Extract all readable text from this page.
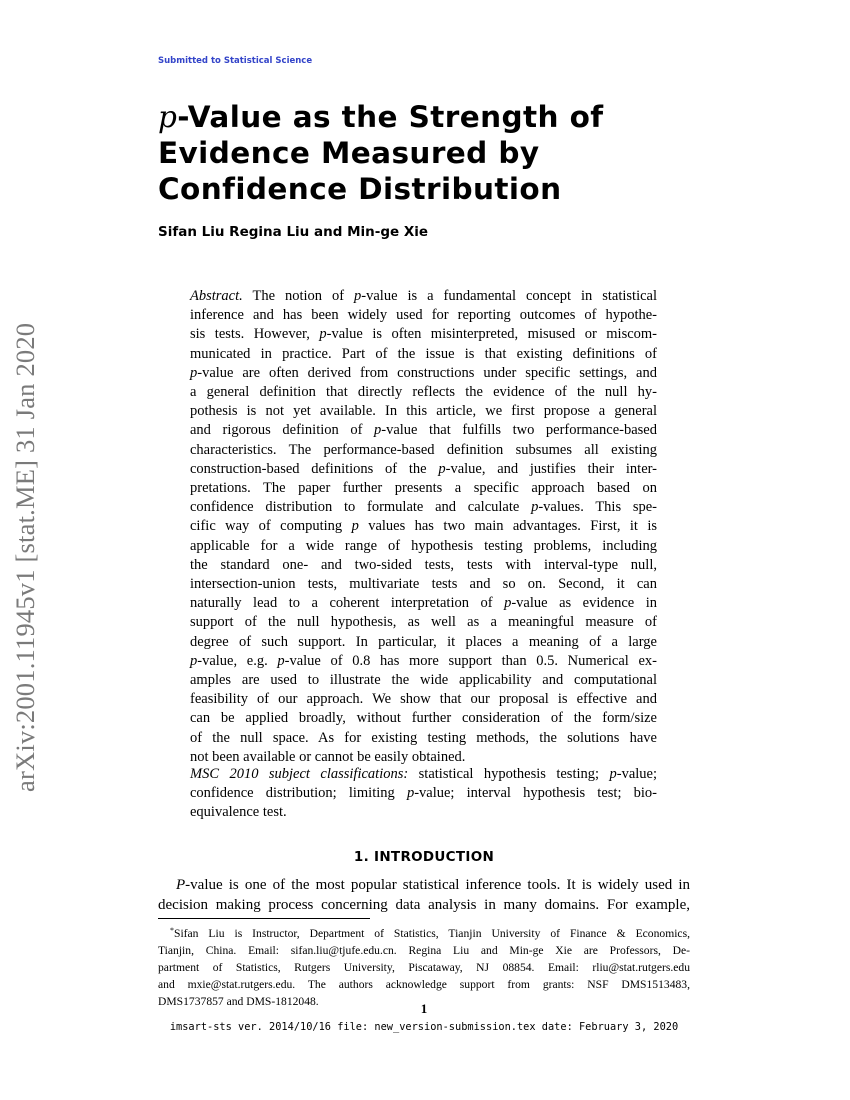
Submitted to Statistical Science
p-Value as the Strength of
Evidence Measured by
Confidence Distribution
Sifan Liu Regina Liu and Min-ge Xie
arXiv:2001.11945v1 [stat.ME] 31 Jan 2020
Abstract. The notion of p-value is a fundamental concept in statistical
inference and has been widely used for reporting outcomes of hypothe-
sis tests. However, p-value is often misinterpreted, misused or miscom-
municated in practice. Part of the issue is that existing definitions of
p-value are often derived from constructions under specific settings, and
a general definition that directly reflects the evidence of the null hy-
pothesis is not yet available. In this article, we first propose a general
and rigorous definition of p-value that fulfills two performance-based
characteristics. The performance-based definition subsumes all existing
construction-based definitions of the p-value, and justifies their inter-
pretations. The paper further presents a specific approach based on
confidence distribution to formulate and calculate p-values. This spe-
cific way of computing p values has two main advantages. First, it is
applicable for a wide range of hypothesis testing problems, including
the standard one- and two-sided tests, tests with interval-type null,
intersection-union tests, multivariate tests and so on. Second, it can
naturally lead to a coherent interpretation of p-value as evidence in
support of the null hypothesis, as well as a meaningful measure of
degree of such support. In particular, it places a meaning of a large
p-value, e.g. p-value of 0.8 has more support than 0.5. Numerical ex-
amples are used to illustrate the wide applicability and computational
feasibility of our approach. We show that our proposal is effective and
can be applied broadly, without further consideration of the form/size
of the null space. As for existing testing methods, the solutions have
not been available or cannot be easily obtained.
MSC 2010 subject classifications: statistical hypothesis testing; p-value;
confidence distribution; limiting p-value; interval hypothesis test; bio-
equivalence test.
1. INTRODUCTION
P-value is one of the most popular statistical inference tools. It is widely used in
decision making process concerning data analysis in many domains. For example,
*Sifan Liu is Instructor, Department of Statistics, Tianjin University of Finance & Economics,
Tianjin, China. Email: sifan.liu@tjufe.edu.cn. Regina Liu and Min-ge Xie are Professors, De-
partment of Statistics, Rutgers University, Piscataway, NJ 08854. Email: rliu@stat.rutgers.edu
and mxie@stat.rutgers.edu. The authors acknowledge support from grants: NSF DMS1513483,
DMS1737857 and DMS-1812048.	1
imsart-sts ver. 2014/10/16 file: new_version-submission.tex date: February 3, 2020
